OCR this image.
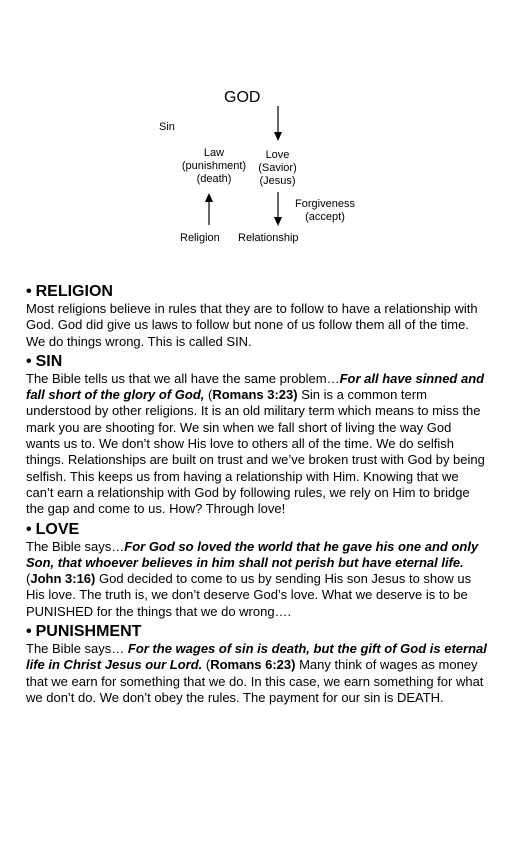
GOD
Sin
Law
(punishment)
(death)
Love
(Savior)
(Jesus)
Forgiveness
(accept)
Religion Relationship
• RELIGION

Most religions believe in rules that they are to follow to have a relationship with God. God did give us laws to follow but none of us follow them all of the time. We do things wrong. This is called SIN.

• SIN

The Bible tells us that we all have the same problem…For all have sinned and fall short of the glory of God, (Romans 3:23) Sin is a common term understood by other religions. It is an old military term which means to miss the mark you are shooting for. We sin when we fall short of living the way God wants us to. We don’t show His love to others all of the time. We do selfish things. Relationships are built on trust and we’ve broken trust with God by being selfish. This keeps us from having a relationship with Him. Knowing that we can’t earn a relationship with God by following rules, we rely on Him to bridge the gap and come to us. How? Through love!

• LOVE

The Bible says…For God so loved the world that he gave his one and only Son, that whoever believes in him shall not perish but have eternal life. (John 3:16) God decided to come to us by sending His son Jesus to show us His love. The truth is, we don’t deserve God’s love. What we deserve is to be PUNISHED for the things that we do wrong….

• PUNISHMENT

The Bible says… For the wages of sin is death, but the gift of God is eternal life in Christ Jesus our Lord. (Romans 6:23) Many think of wages as money that we earn for something that we do. In this case, we earn something for what we don’t do. We don’t obey the rules. The payment for our sin is DEATH.
